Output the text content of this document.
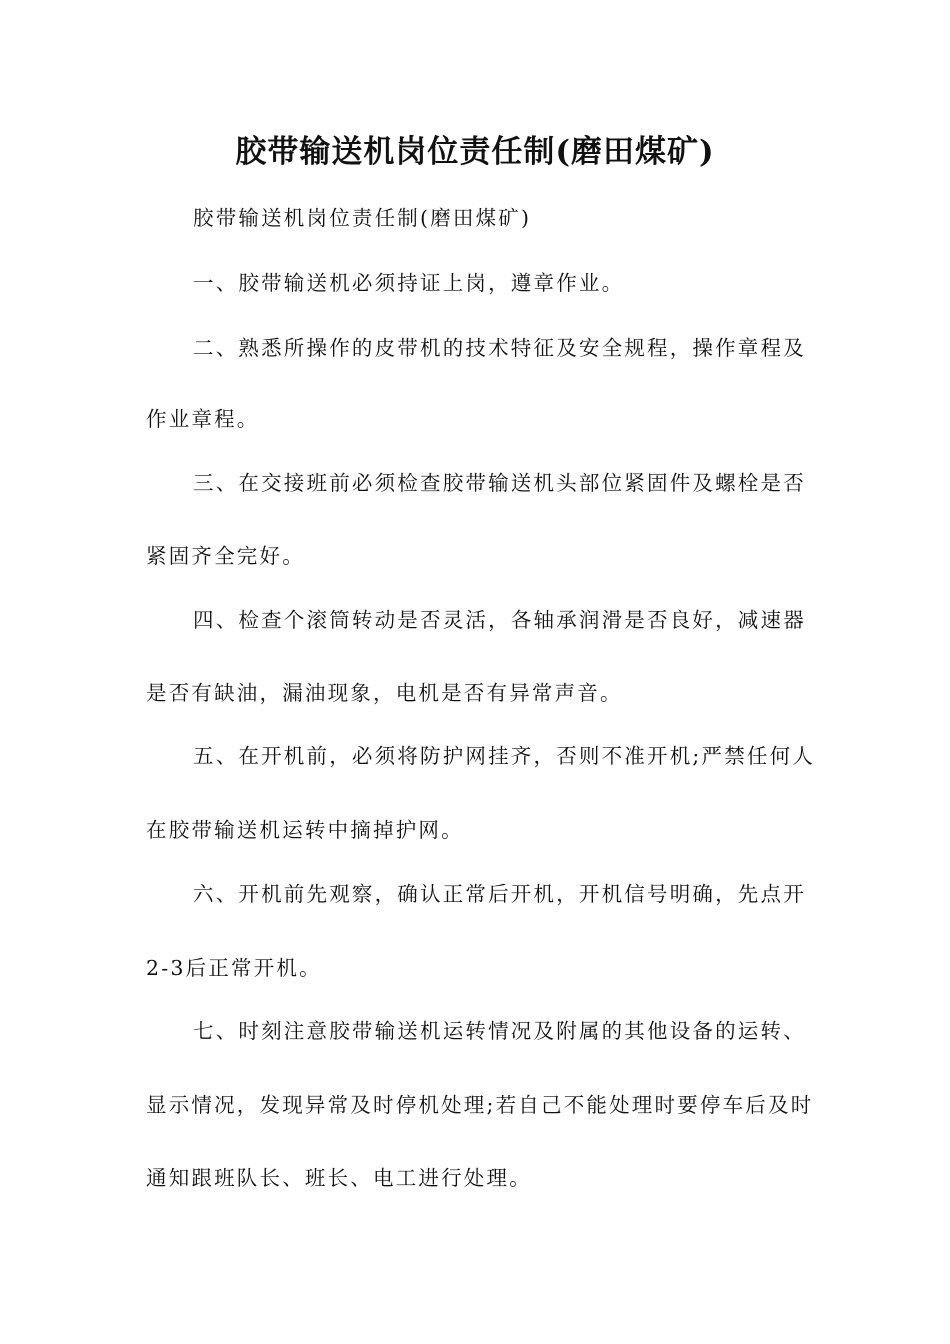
胶带输送机岗位责任制(磨田煤矿)
胶带输送机岗位责任制(磨田煤矿)
一、胶带输送机必须持证上岗，遵章作业。
二、熟悉所操作的皮带机的技术特征及安全规程，操作章程及
作业章程。
三、在交接班前必须检查胶带输送机头部位紧固件及螺栓是否
紧固齐全完好。
四、检查个滚筒转动是否灵活，各轴承润滑是否良好，减速器
是否有缺油，漏油现象，电机是否有异常声音。
五、在开机前，必须将防护网挂齐，否则不准开机;严禁任何人
在胶带输送机运转中摘掉护网。
六、开机前先观察，确认正常后开机，开机信号明确，先点开
2-3后正常开机。
七、时刻注意胶带输送机运转情况及附属的其他设备的运转、
显示情况，发现异常及时停机处理;若自己不能处理时要停车后及时
通知跟班队长、班长、电工进行处理。
